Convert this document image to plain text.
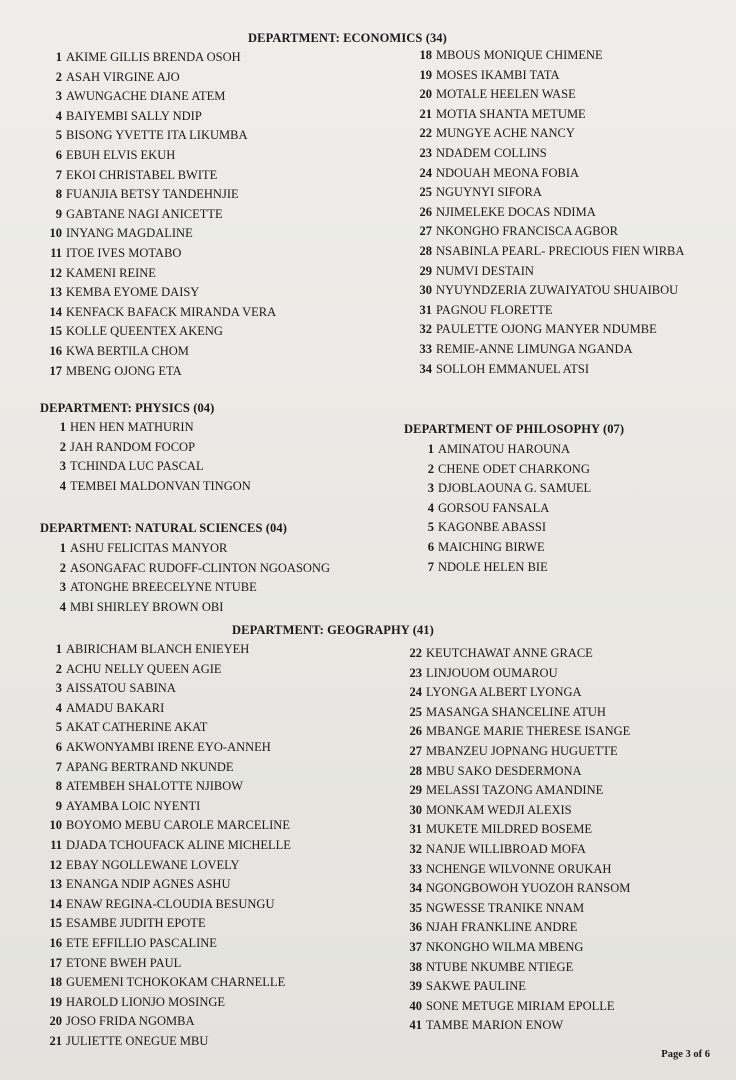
DEPARTMENT: ECONOMICS (34)
1 AKIME GILLIS BRENDA OSOH
2 ASAH VIRGINE AJO
3 AWUNGACHE DIANE ATEM
4 BAIYEMBI SALLY NDIP
5 BISONG YVETTE ITA LIKUMBA
6 EBUH ELVIS EKUH
7 EKOI CHRISTABEL BWITE
8 FUANJIA BETSY TANDEHNJIE
9 GABTANE NAGI ANICETTE
10 INYANG MAGDALINE
11 ITOE IVES MOTABO
12 KAMENI REINE
13 KEMBA EYOME DAISY
14 KENFACK BAFACK MIRANDA VERA
15 KOLLE QUEENTEX AKENG
16 KWA BERTILA CHOM
17 MBENG OJONG ETA
18 MBOUS MONIQUE CHIMENE
19 MOSES IKAMBI TATA
20 MOTALE HEELEN WASE
21 MOTIA SHANTA METUME
22 MUNGYE ACHE NANCY
23 NDADEM COLLINS
24 NDOUAH MEONA FOBIA
25 NGUYNYI SIFORA
26 NJIMELEKE DOCAS NDIMA
27 NKONGHO FRANCISCA AGBOR
28 NSABINLA PEARL- PRECIOUS FIEN WIRBA
29 NUMVI DESTAIN
30 NYUYNDZERIA ZUWAIYATOU SHUAIBOU
31 PAGNOU FLORETTE
32 PAULETTE OJONG MANYER NDUMBE
33 REMIE-ANNE LIMUNGA NGANDA
34 SOLLOH EMMANUEL ATSI
DEPARTMENT: PHYSICS (04)
1 HEN HEN MATHURIN
2 JAH RANDOM FOCOP
3 TCHINDA LUC PASCAL
4 TEMBEI MALDONVAN TINGON
DEPARTMENT: NATURAL SCIENCES (04)
1 ASHU FELICITAS MANYOR
2 ASONGAFAC RUDOFF-CLINTON NGOASONG
3 ATONGHE BREECELYNE NTUBE
4 MBI SHIRLEY BROWN OBI
DEPARTMENT OF PHILOSOPHY (07)
1 AMINATOU HAROUNA
2 CHENE ODET CHARKONG
3 DJOBLAOUNA G. SAMUEL
4 GORSOU FANSALA
5 KAGONBE ABASSI
6 MAICHING BIRWE
7 NDOLE HELEN BIE
DEPARTMENT: GEOGRAPHY (41)
1 ABIRICHAM BLANCH ENIEYEH
2 ACHU NELLY QUEEN AGIE
3 AISSATOU SABINA
4 AMADU BAKARI
5 AKAT CATHERINE AKAT
6 AKWONYAMBI IRENE EYO-ANNEH
7 APANG BERTRAND NKUNDE
8 ATEMBEH SHALOTTE NJIBOW
9 AYAMBA LOIC NYENTI
10 BOYOMO MEBU CAROLE MARCELINE
11 DJADA TCHOUFACK ALINE MICHELLE
12 EBAY NGOLLEWANE LOVELY
13 ENANGA NDIP AGNES ASHU
14 ENAW REGINA-CLOUDIA BESUNGU
15 ESAMBE JUDITH EPOTE
16 ETE EFFILLIO PASCALINE
17 ETONE BWEH PAUL
18 GUEMENI TCHOKOKAM CHARNELLE
19 HAROLD LIONJO MOSINGE
20 JOSO FRIDA NGOMBA
21 JULIETTE ONEGUE MBU
22 KEUTCHAWAT ANNE GRACE
23 LINJOUOM OUMAROU
24 LYONGA ALBERT LYONGA
25 MASANGA SHANCELINE ATUH
26 MBANGE MARIE THERESE ISANGE
27 MBANZEU JOPNANG HUGUETTE
28 MBU SAKO DESDERMONA
29 MELASSI TAZONG AMANDINE
30 MONKAM WEDJI ALEXIS
31 MUKETE MILDRED BOSEME
32 NANJE WILLIBROAD MOFA
33 NCHENGE WILVONNE ORUKAH
34 NGONGBOWOH YUOZOH RANSOM
35 NGWESSE TRANIKE NNAM
36 NJAH FRANKLINE ANDRE
37 NKONGHO WILMA MBENG
38 NTUBE NKUMBE NTIEGE
39 SAKWE PAULINE
40 SONE METUGE MIRIAM EPOLLE
41 TAMBE MARION ENOW
Page 3 of 6
